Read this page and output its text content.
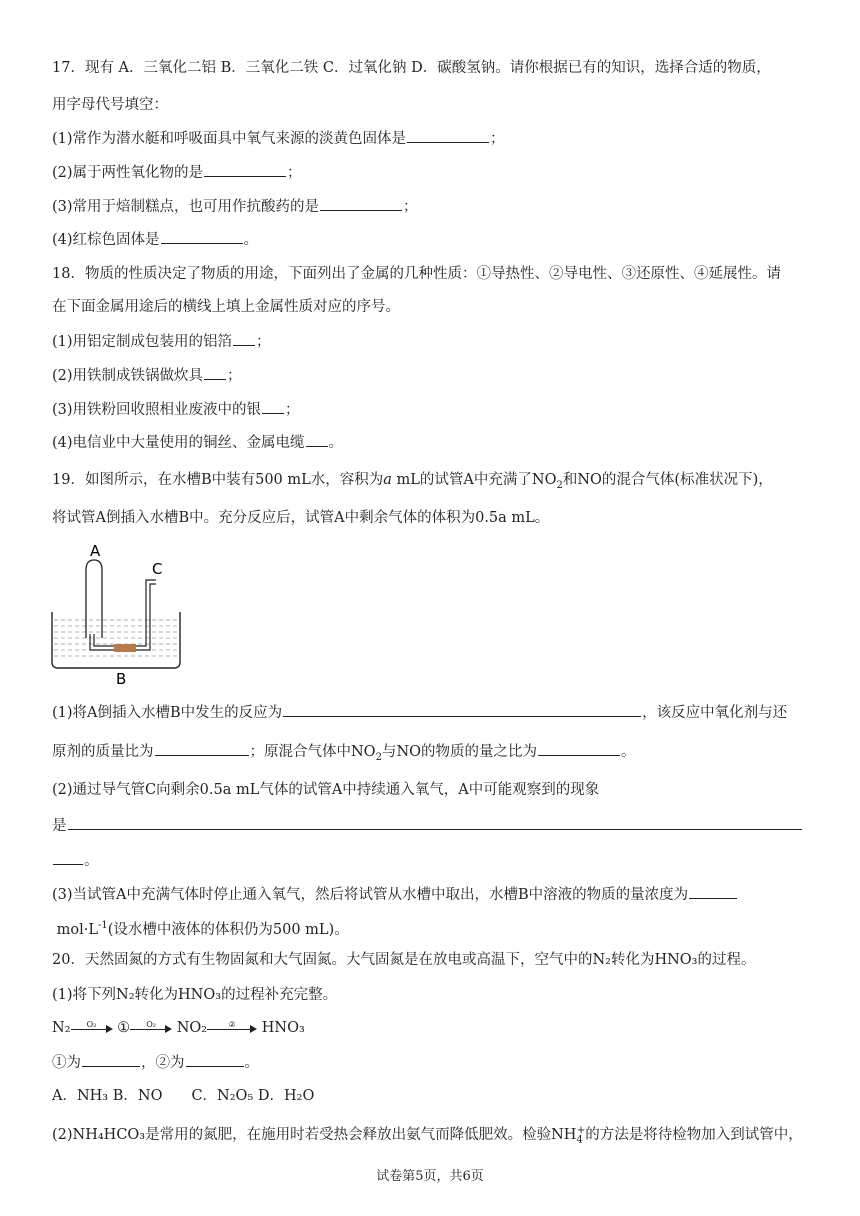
17．现有 A．三氧化二铝 B．三氧化二铁 C．过氧化钠 D．碳酸氢钠。请你根据已有的知识，选择合适的物质，
用字母代号填空：
(1)常作为潜水艇和呼吸面具中氧气来源的淡黄色固体是	；
(2)属于两性氧化物的是	；
(3)常用于焙制糕点，也可用作抗酸药的是	；
(4)红棕色固体是	。
18．物质的性质决定了物质的用途，下面列出了金属的几种性质：①导热性、②导电性、③还原性、④延展性。请
在下面金属用途后的横线上填上金属性质对应的序号。
(1)用铝定制成包装用的铝箔 ；
(2)用铁制成铁锅做炊具 ；
(3)用铁粉回收照相业废液中的银 ；
(4)电信业中大量使用的铜丝、金属电缆 。
19．如图所示，在水槽B中装有500 mL水，容积为a mL的试管A中充满了$NO_2$和NO的混合气体(标准状况下)，
将试管A倒插入水槽B中。充分反应后，试管A中剩余气体的体积为0.5a mL。
A
C
B
(1)将A倒插入水槽B中发生的反应为	，该反应中氧化剂与还
原剂的质量比为	；原混合气体中$NO_2$与NO的物质的量之比为	。
(2)通过导气管C向剩余0.5a mL气体的试管A中持续通入氧气，A中可能观察到的现象
是
。
(3)当试管A中充满气体时停止通入氧气，然后将试管从水槽中取出，水槽B中溶液的物质的量浓度为
$mol\cdot L^{-1}$(设水槽中液体的体积仍为500 mL)。
20．天然固氮的方式有生物固氮和大气固氮。大气固氮是在放电或高温下，空气中的N₂转化为HNO₃的过程。
(1)将下列N₂转化为HNO₃的过程补充完整。
N₂	O₂	①	O₂	NO₂	②	HNO₃
①为	，②为	。
A．NH₃ B．NO　　C．N₂O₅ D．H₂O
(2)NH₄HCO₃是常用的氮肥，在施用时若受热会释放出氨气而降低肥效。检验$NH_4^+$的方法是将待检物加入到试管中，
试卷第5页，共6页
